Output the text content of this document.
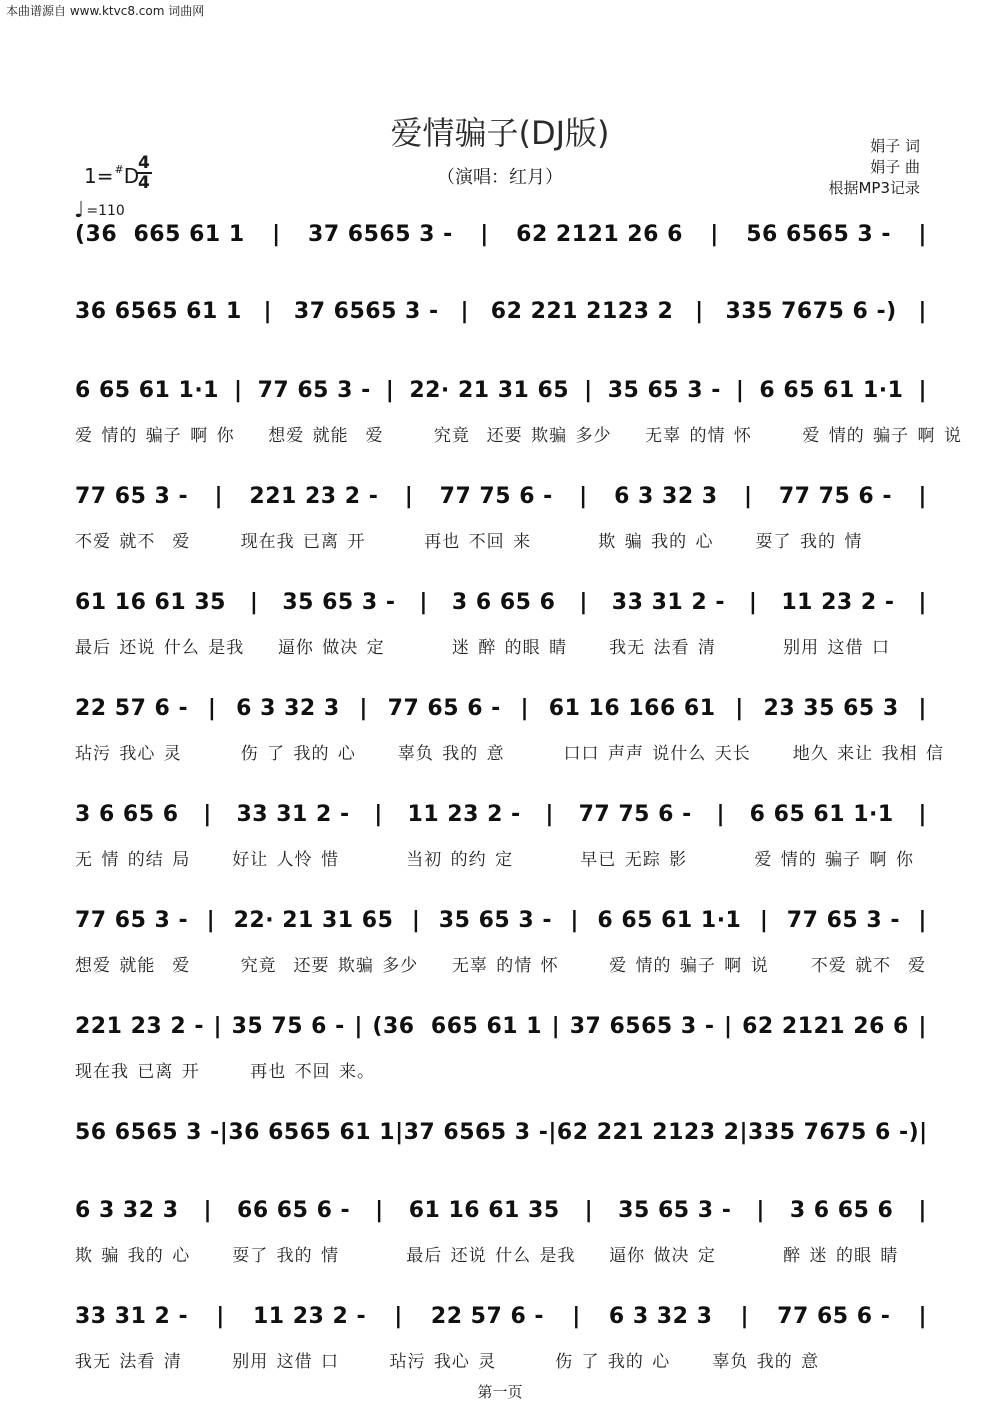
本曲谱源自 www.ktvc8.com 词曲网
爱情骗子(DJ版)
（演唱：红月）
娟子 词
娟子 曲
根据MP3记录
1=#D
4
4
♩ =110
(36  665 61 1 | 37 6565 3 - | 62 2121 26 6 | 56 6565 3 - |
36 6565 61 1 | 37 6565 3 - | 62 221 2123 2 | 335 7675 6 -) |
6 65 61 1·1 | 77 65 3 - | 22· 21 31 65 | 35 65 3 - | 6 65 61 1·1 |
爱 情的 骗子 啊 你    想爱 就能  爱      究竟  还要 欺骗 多少    无辜 的情 怀      爱 情的 骗子 啊 说
77 65 3 - | 221 23 2 - | 77 75 6 - | 6 3 32 3 | 77 75 6 - |
不爱 就不  爱      现在我 已离 开       再也 不回 来        欺 骗 我的 心     耍了 我的 情
61 16 61 35 | 35 65 3 - | 3 6 65 6 | 33 31 2 - | 11 23 2 - |
最后 还说 什么 是我    逼你 做决 定        迷 醉 的眼 睛     我无 法看 清        别用 这借 口
22 57 6 - | 6 3 32 3 | 77 65 6 - | 61 16 166 61 | 23 35 65 3 |
玷污 我心 灵       伤 了 我的 心     辜负 我的 意       口口 声声 说什么 天长     地久 来让 我相 信
3 6 65 6 | 33 31 2 - | 11 23 2 - | 77 75 6 - | 6 65 61 1·1 |
无 情 的结 局     好让 人怜 惜        当初 的约 定        早已 无踪 影        爱 情的 骗子 啊 你
77 65 3 - | 22· 21 31 65 | 35 65 3 - | 6 65 61 1·1 | 77 65 3 - |
想爱 就能  爱      究竟  还要 欺骗 多少    无辜 的情 怀      爱 情的 骗子 啊 说     不爱 就不  爱
221 23 2 - | 35 75 6 - | (36  665 61 1 | 37 6565 3 - | 62 2121 26 6 |
现在我 已离 开      再也 不回 来。
56 6565 3 - | 36 6565 61 1 | 37 6565 3 - | 62 221 2123 2 | 335 7675 6 -) |
6 3 32 3 | 66 65 6 - | 61 16 61 35 | 35 65 3 - | 3 6 65 6 |
欺 骗 我的 心     耍了 我的 情        最后 还说 什么 是我    逼你 做决 定        醉 迷 的眼 睛
33 31 2 - | 11 23 2 - | 22 57 6 - | 6 3 32 3 | 77 65 6 - |
我无 法看 清      别用 这借 口      玷污 我心 灵       伤 了 我的 心     辜负 我的 意
第一页
